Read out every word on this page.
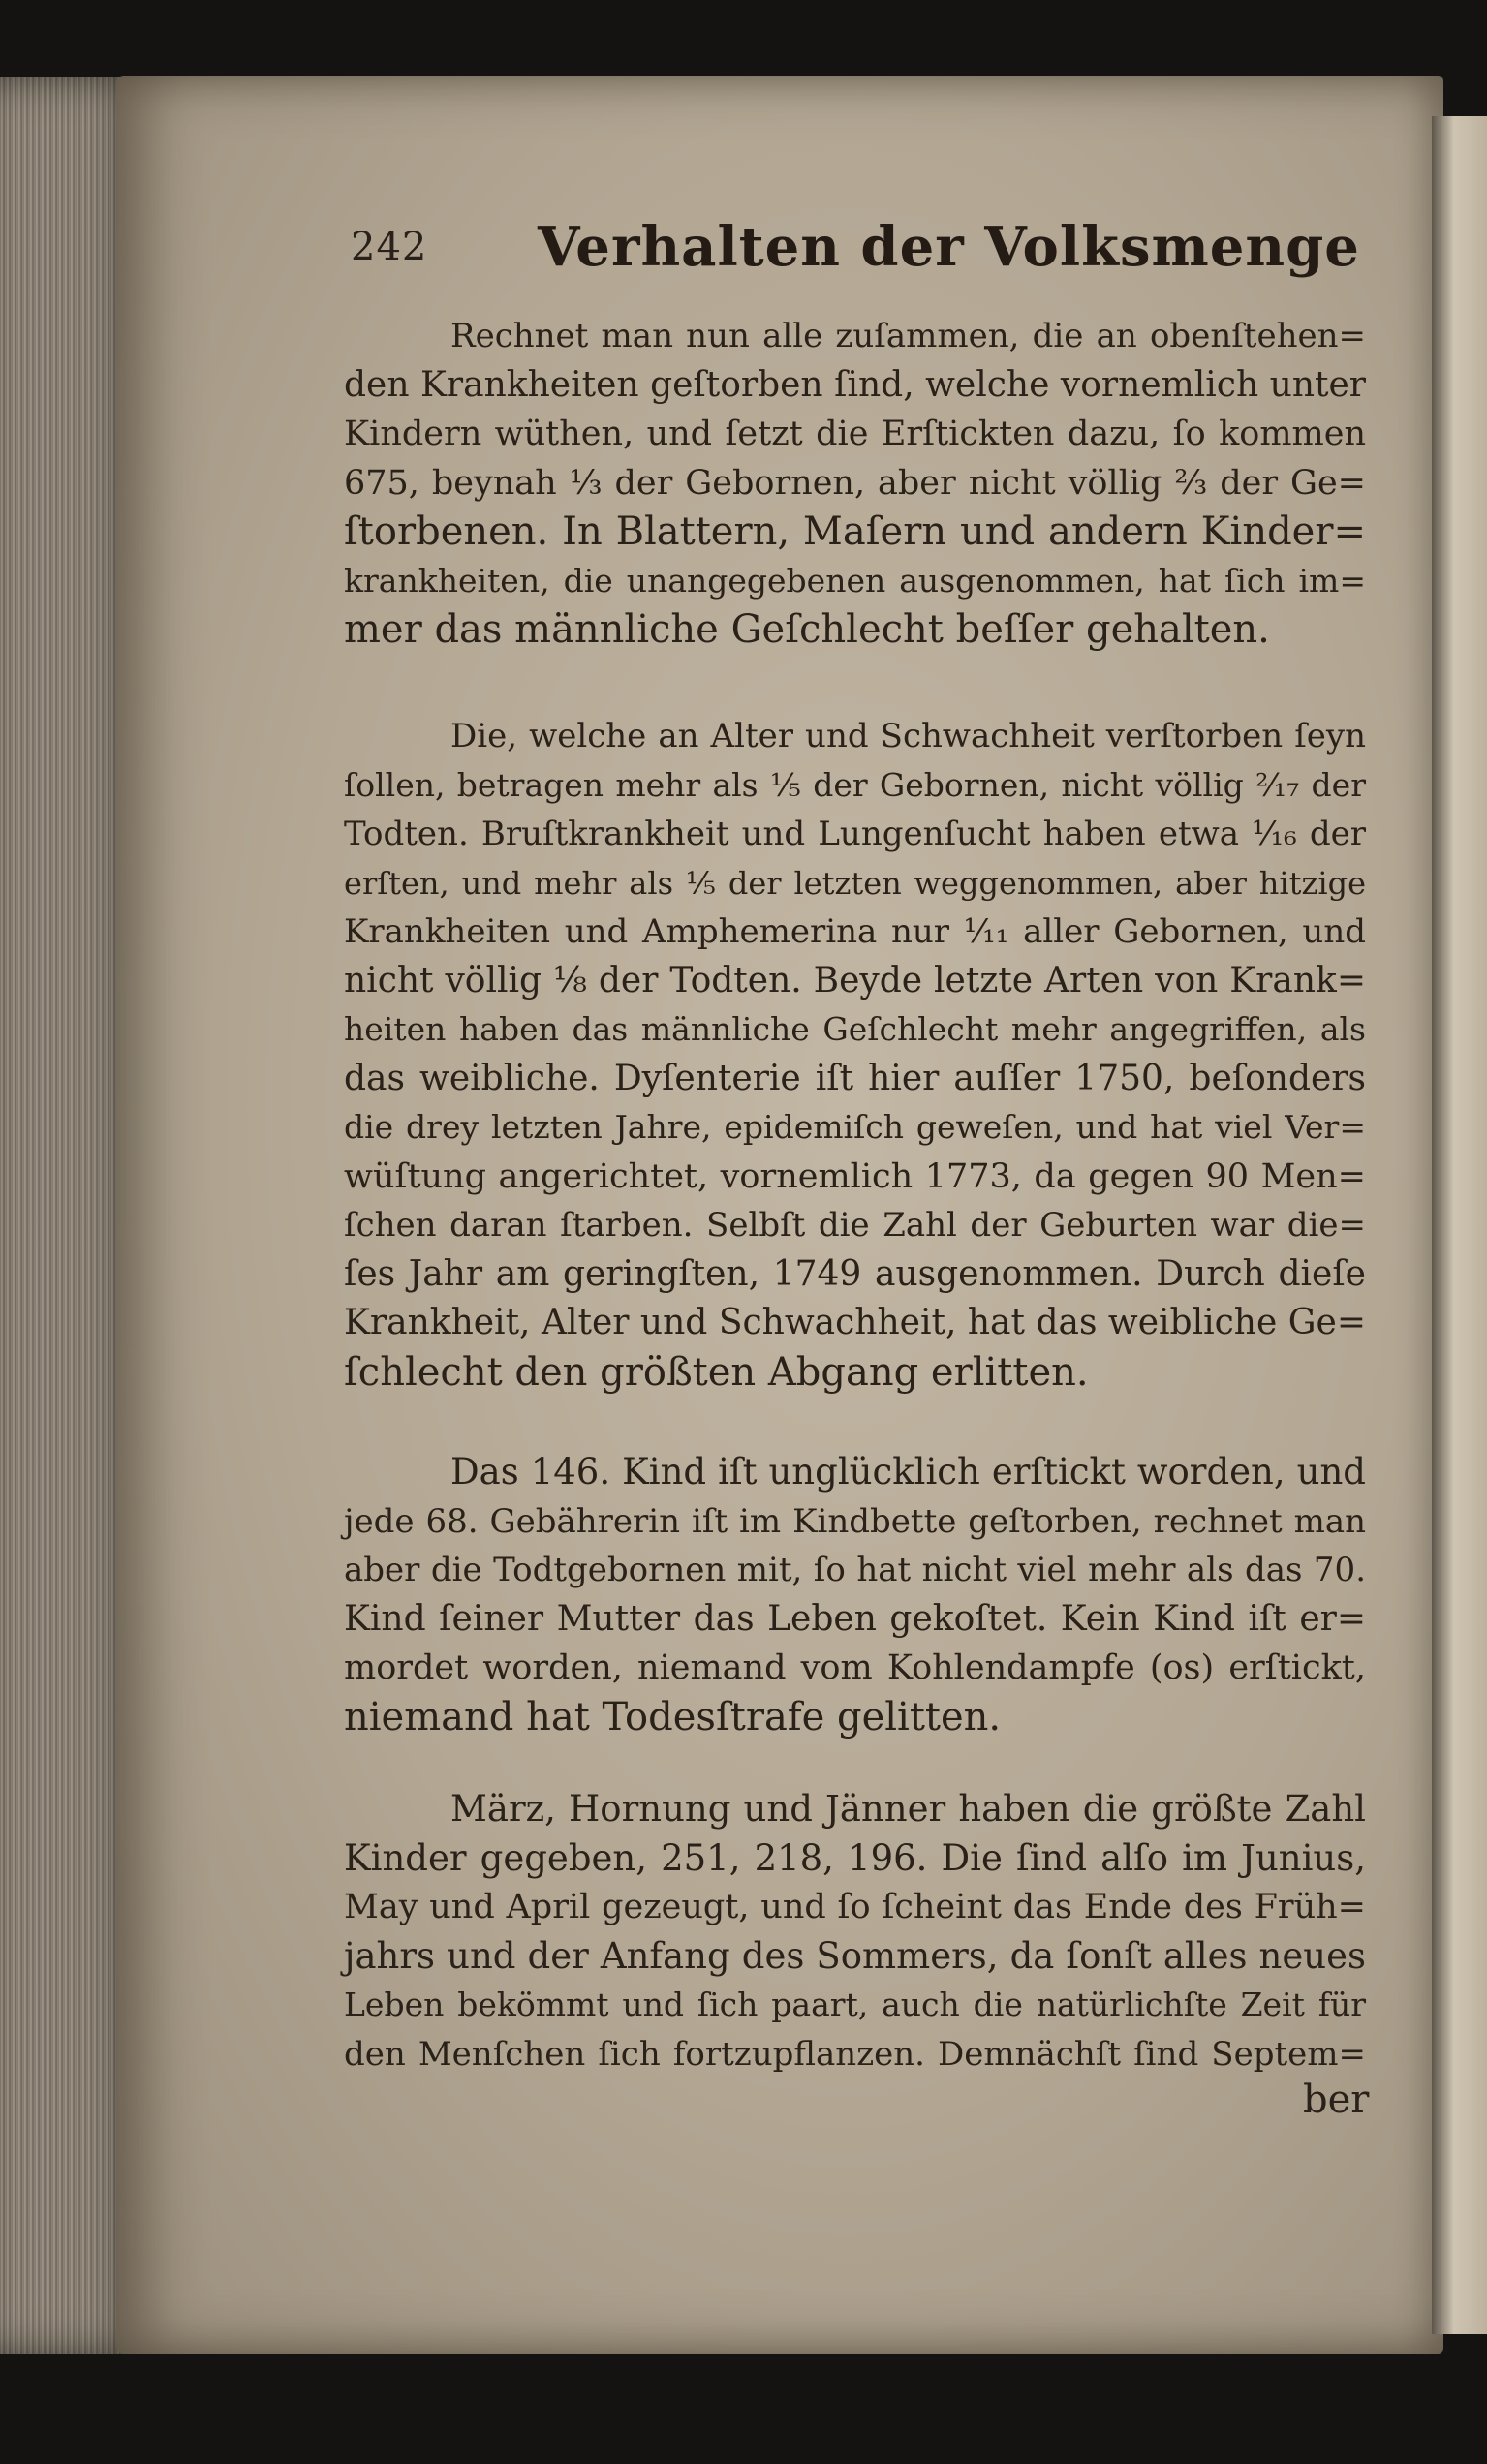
242 Verhalten der Volksmenge
Rechnet man nun alle zuſammen, die an obenſtehen=
den Krankheiten geſtorben ſind, welche vornemlich unter
Kindern wüthen, und ſetzt die Erſtickten dazu, ſo kommen
675, beynah ⅓ der Gebornen, aber nicht völlig ⅔ der Ge=
ſtorbenen. In Blattern, Maſern und andern Kinder=
krankheiten, die unangegebenen ausgenommen, hat ſich im=
mer das männliche Geſchlecht beſſer gehalten.
Die, welche an Alter und Schwachheit verſtorben ſeyn
ſollen, betragen mehr als ⅕ der Gebornen, nicht völlig ²⁄₁₇ der
Todten. Bruſtkrankheit und Lungenſucht haben etwa ¹⁄₁₆ der
erſten, und mehr als ⅕ der letzten weggenommen, aber hitzige
Krankheiten und Amphemerina nur ¹⁄₁₁ aller Gebornen, und
nicht völlig ⅛ der Todten. Beyde letzte Arten von Krank=
heiten haben das männliche Geſchlecht mehr angegriffen, als
das weibliche. Dyſenterie iſt hier auſſer 1750, beſonders
die drey letzten Jahre, epidemiſch geweſen, und hat viel Ver=
wüſtung angerichtet, vornemlich 1773, da gegen 90 Men=
ſchen daran ſtarben. Selbſt die Zahl der Geburten war die=
ſes Jahr am geringſten, 1749 ausgenommen. Durch dieſe
Krankheit, Alter und Schwachheit, hat das weibliche Ge=
ſchlecht den größten Abgang erlitten.
Das 146. Kind iſt unglücklich erſtickt worden, und
jede 68. Gebährerin iſt im Kindbette geſtorben, rechnet man
aber die Todtgebornen mit, ſo hat nicht viel mehr als das 70.
Kind ſeiner Mutter das Leben gekoſtet. Kein Kind iſt er=
mordet worden, niemand vom Kohlendampfe (os) erſtickt,
niemand hat Todesſtrafe gelitten.
März, Hornung und Jänner haben die größte Zahl
Kinder gegeben, 251, 218, 196. Die ſind alſo im Junius,
May und April gezeugt, und ſo ſcheint das Ende des Früh=
jahrs und der Anfang des Sommers, da ſonſt alles neues
Leben bekömmt und ſich paart, auch die natürlichſte Zeit für
den Menſchen ſich fortzupflanzen. Demnächſt ſind Septem=
ber
